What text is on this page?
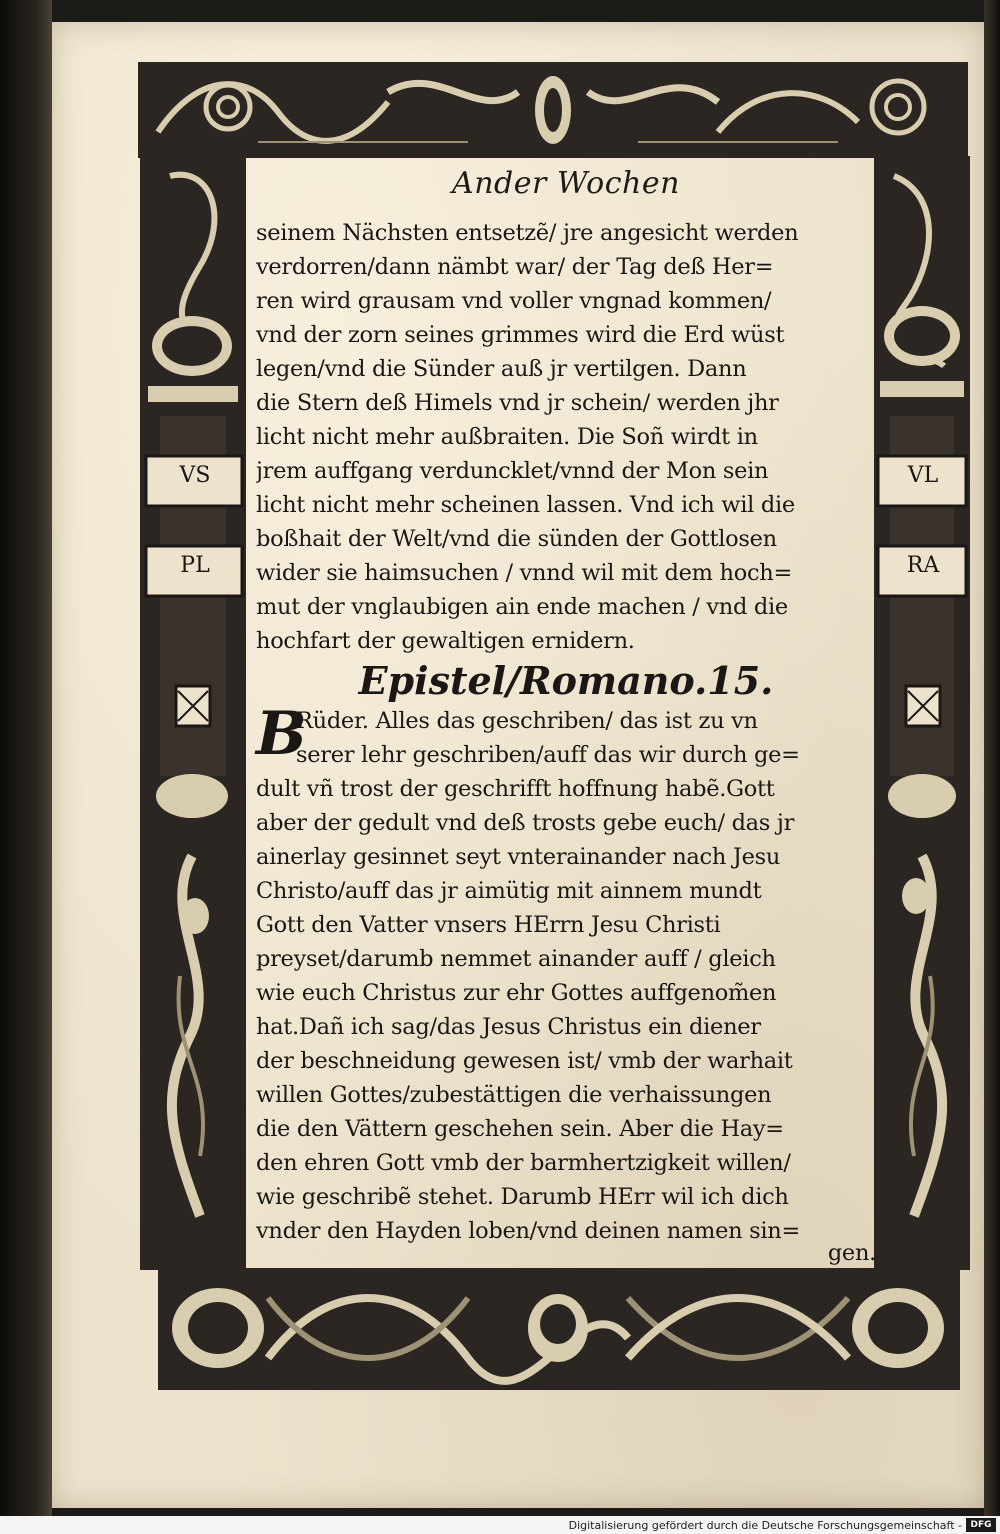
VS
PL
VL
RA
Ander Wochen
seinem Nächsten entsetzẽ/ jre angesicht werden
verdorren/dann nämbt war/ der Tag deß Her=
ren wird grausam vnd voller vngnad kommen/
vnd der zorn seines grimmes wird die Erd wüst
legen/vnd die Sünder auß jr vertilgen. Dann
die Stern deß Himels vnd jr schein/ werden jhr
licht nicht mehr außbraiten. Die Soñ wirdt in
jrem auffgang verduncklet/vnnd der Mon sein
licht nicht mehr scheinen lassen. Vnd ich wil die
boßhait der Welt/vnd die sünden der Gottlosen
wider sie haimsuchen / vnnd wil mit dem hoch=
mut der vnglaubigen ain ende machen / vnd die
hochfart der gewaltigen ernidern.
Epistel/Romano.15.
B
Rüder. Alles das geschriben/ das ist zu vn
serer lehr geschriben/auff das wir durch ge=
dult vñ trost der geschrifft hoffnung habẽ.Gott
aber der gedult vnd deß trosts gebe euch/ das jr
ainerlay gesinnet seyt vnterainander nach Jesu
Christo/auff das jr aimütig mit ainnem mundt
Gott den Vatter vnsers HErrn Jesu Christi
preyset/darumb nemmet ainander auff / gleich
wie euch Christus zur ehr Gottes auffgenom̃en
hat.Dañ ich sag/das Jesus Christus ein diener
der beschneidung gewesen ist/ vmb der warhait
willen Gottes/zubestättigen die verhaissungen
die den Vättern geschehen sein. Aber die Hay=
den ehren Gott vmb der barmhertzigkeit willen/
wie geschribẽ stehet. Darumb HErr wil ich dich
vnder den Hayden loben/vnd deinen namen sin=
gen.
Digitalisierung gefördert durch die Deutsche Forschungsgemeinschaft - DFG
